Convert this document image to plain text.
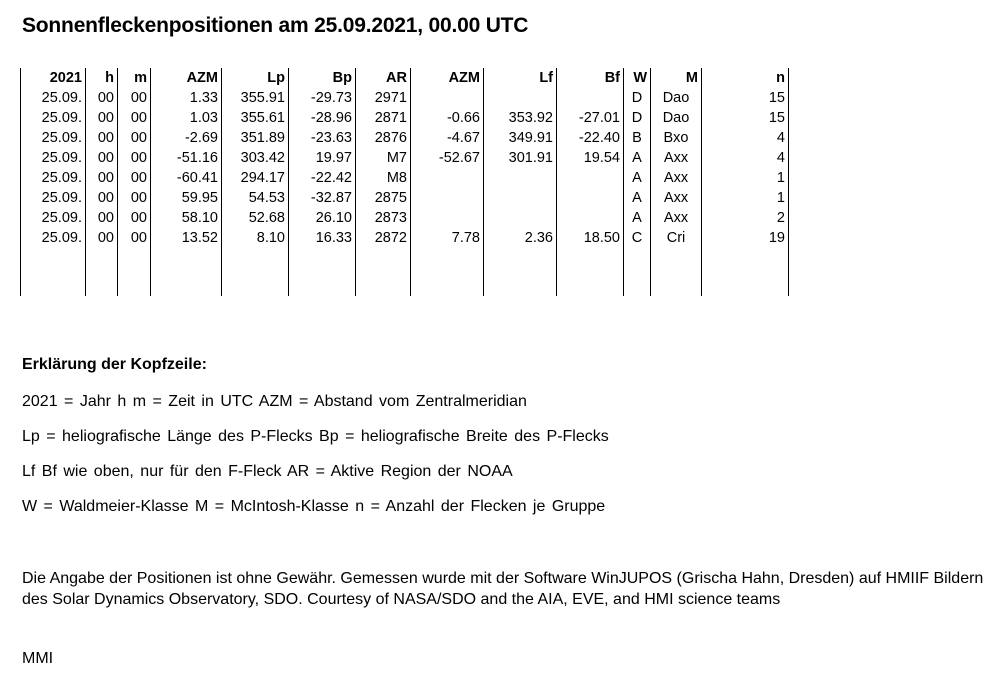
Sonnenfleckenpositionen am 25.09.2021, 00.00 UTC
2021	h	m	AZM	Lp	Bp	AR	AZM	Lf	Bf	W	M	n
25.09.	00	00	1.33	355.91	-29.73	2971				D	Dao	15
25.09.	00	00	1.03	355.61	-28.96	2871	-0.66	353.92	-27.01	D	Dao	15
25.09.	00	00	-2.69	351.89	-23.63	2876	-4.67	349.91	-22.40	B	Bxo	4
25.09.	00	00	-51.16	303.42	19.97	M7	-52.67	301.91	19.54	A	Axx	4
25.09.	00	00	-60.41	294.17	-22.42	M8				A	Axx	1
25.09.	00	00	59.95	54.53	-32.87	2875				A	Axx	1
25.09.	00	00	58.10	52.68	26.10	2873				A	Axx	2
25.09.	00	00	13.52	8.10	16.33	2872	7.78	2.36	18.50	C	Cri	19

Erklärung der Kopfzeile:
2021 = Jahr h m = Zeit in UTC AZM = Abstand vom Zentralmeridian
Lp = heliografische Länge des P-Flecks Bp = heliografische Breite des P-Flecks
Lf Bf wie oben, nur für den F-Fleck AR = Aktive Region der NOAA
W = Waldmeier-Klasse M = McIntosh-Klasse n = Anzahl der Flecken je Gruppe
Die Angabe der Positionen ist ohne Gewähr. Gemessen wurde mit der Software WinJUPOS (Grischa Hahn, Dresden) auf HMIIF Bildern des Solar Dynamics Observatory, SDO. Courtesy of NASA/SDO and the AIA, EVE, and HMI science teams
MMI
